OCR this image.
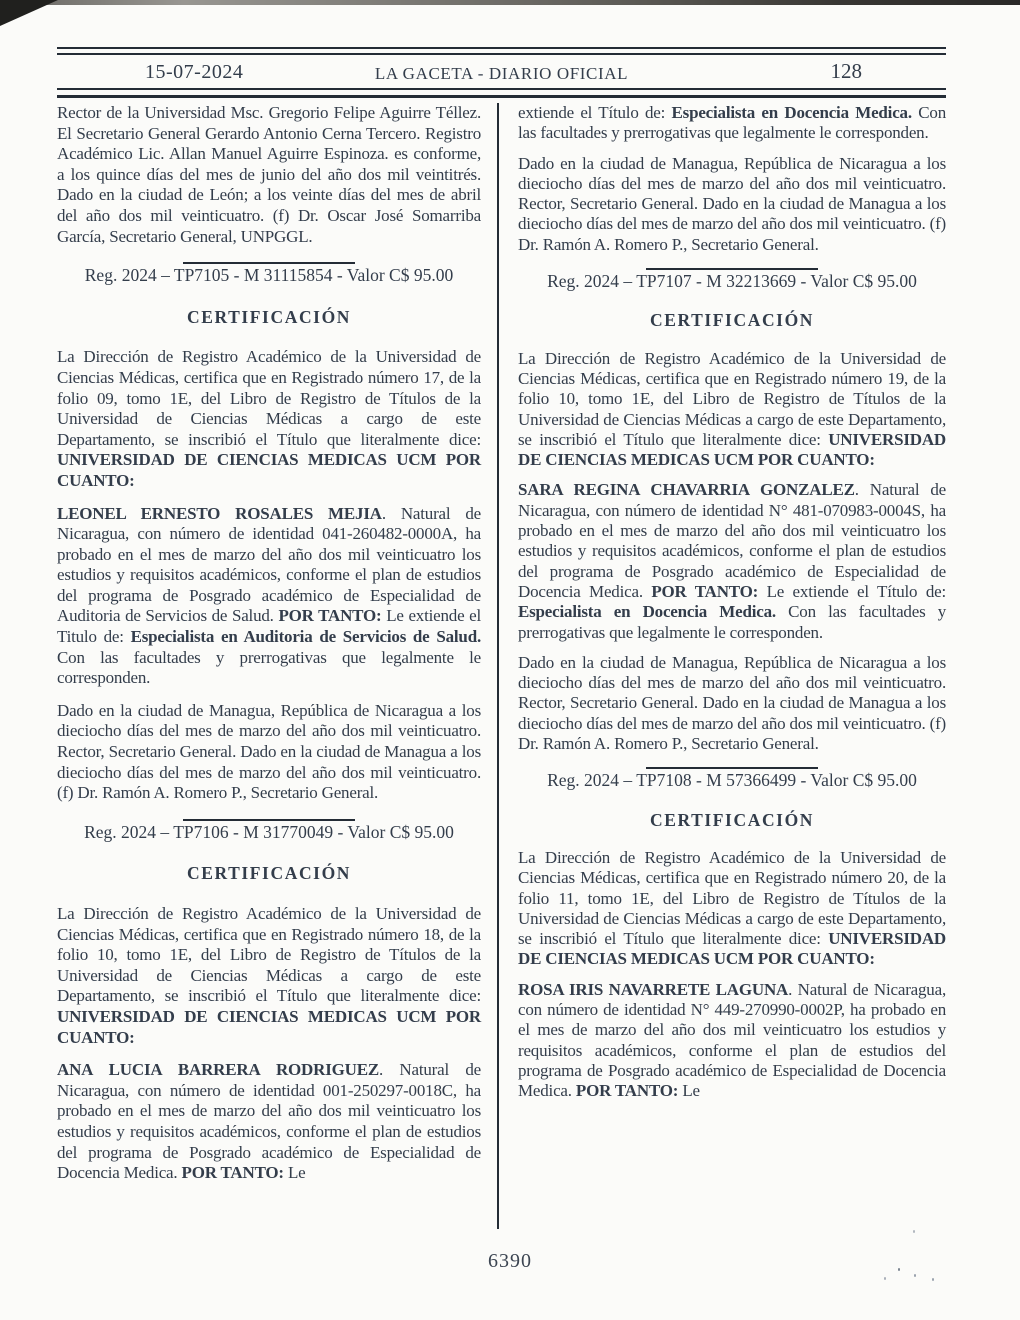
15-07-2024	LA GACETA - DIARIO OFICIAL	128

Rector de la Universidad Msc. Gregorio Felipe Aguirre Téllez. El Secretario General Gerardo Antonio Cerna Tercero. Registro Académico Lic. Allan Manuel Aguirre Espinoza. es conforme, a los quince días del mes de junio del año dos mil veintitrés. Dado en la ciudad de León; a los veinte días del mes de abril del año dos mil veinticuatro. (f) Dr. Oscar José Somarriba García, Secretario General, UNPGGL.

Reg. 2024 – TP7105 - M 31115854 - Valor C$ 95.00
CERTIFICACIÓN

La Dirección de Registro Académico de la Universidad de Ciencias Médicas, certifica que en Registrado número 17, de la folio 09, tomo 1E, del Libro de Registro de Títulos de la Universidad de Ciencias Médicas a cargo de este Departamento, se inscribió el Título que literalmente dice: UNIVERSIDAD DE CIENCIAS MEDICAS UCM POR CUANTO:

LEONEL ERNESTO ROSALES MEJIA. Natural de Nicaragua, con número de identidad 041-260482-0000A, ha probado en el mes de marzo del año dos mil veinticuatro los estudios y requisitos académicos, conforme el plan de estudios del programa de Posgrado académico de Especialidad de Auditoria de Servicios de Salud. POR TANTO: Le extiende el Titulo de: Especialista en Auditoria de Servicios de Salud. Con las facultades y prerrogativas que legalmente le corresponden.

Dado en la ciudad de Managua, República de Nicaragua a los dieciocho días del mes de marzo del año dos mil veinticuatro. Rector, Secretario General. Dado en la ciudad de Managua a los dieciocho días del mes de marzo del año dos mil veinticuatro. (f) Dr. Ramón A. Romero P., Secretario General.

Reg. 2024 – TP7106 - M 31770049 - Valor C$ 95.00
CERTIFICACIÓN

La Dirección de Registro Académico de la Universidad de Ciencias Médicas, certifica que en Registrado número 18, de la folio 10, tomo 1E, del Libro de Registro de Títulos de la Universidad de Ciencias Médicas a cargo de este Departamento, se inscribió el Título que literalmente dice: UNIVERSIDAD DE CIENCIAS MEDICAS UCM POR CUANTO:

ANA LUCIA BARRERA RODRIGUEZ. Natural de Nicaragua, con número de identidad 001-250297-0018C, ha probado en el mes de marzo del año dos mil veinticuatro los estudios y requisitos académicos, conforme el plan de estudios del programa de Posgrado académico de Especialidad de Docencia Medica. POR TANTO: Le

extiende el Título de: Especialista en Docencia Medica. Con las facultades y prerrogativas que legalmente le corresponden.

Dado en la ciudad de Managua, República de Nicaragua a los dieciocho días del mes de marzo del año dos mil veinticuatro. Rector, Secretario General. Dado en la ciudad de Managua a los dieciocho días del mes de marzo del año dos mil veinticuatro. (f) Dr. Ramón A. Romero P., Secretario General.

Reg. 2024 – TP7107 - M 32213669 - Valor C$ 95.00
CERTIFICACIÓN

La Dirección de Registro Académico de la Universidad de Ciencias Médicas, certifica que en Registrado número 19, de la folio 10, tomo 1E, del Libro de Registro de Títulos de la Universidad de Ciencias Médicas a cargo de este Departamento, se inscribió el Título que literalmente dice: UNIVERSIDAD DE CIENCIAS MEDICAS UCM POR CUANTO:

SARA REGINA CHAVARRIA GONZALEZ. Natural de Nicaragua, con número de identidad N° 481-070983-0004S, ha probado en el mes de marzo del año dos mil veinticuatro los estudios y requisitos académicos, conforme el plan de estudios del programa de Posgrado académico de Especialidad de Docencia Medica. POR TANTO: Le extiende el Título de: Especialista en Docencia Medica. Con las facultades y prerrogativas que legalmente le corresponden.

Dado en la ciudad de Managua, República de Nicaragua a los dieciocho días del mes de marzo del año dos mil veinticuatro. Rector, Secretario General. Dado en la ciudad de Managua a los dieciocho días del mes de marzo del año dos mil veinticuatro. (f) Dr. Ramón A. Romero P., Secretario General.

Reg. 2024 – TP7108 - M 57366499 - Valor C$ 95.00
CERTIFICACIÓN

La Dirección de Registro Académico de la Universidad de Ciencias Médicas, certifica que en Registrado número 20, de la folio 11, tomo 1E, del Libro de Registro de Títulos de la Universidad de Ciencias Médicas a cargo de este Departamento, se inscribió el Título que literalmente dice: UNIVERSIDAD DE CIENCIAS MEDICAS UCM POR CUANTO:

ROSA IRIS NAVARRETE LAGUNA. Natural de Nicaragua, con número de identidad N° 449-270990-0002P, ha probado en el mes de marzo del año dos mil veinticuatro los estudios y requisitos académicos, conforme el plan de estudios del programa de Posgrado académico de Especialidad de Docencia Medica. POR TANTO: Le

6390
